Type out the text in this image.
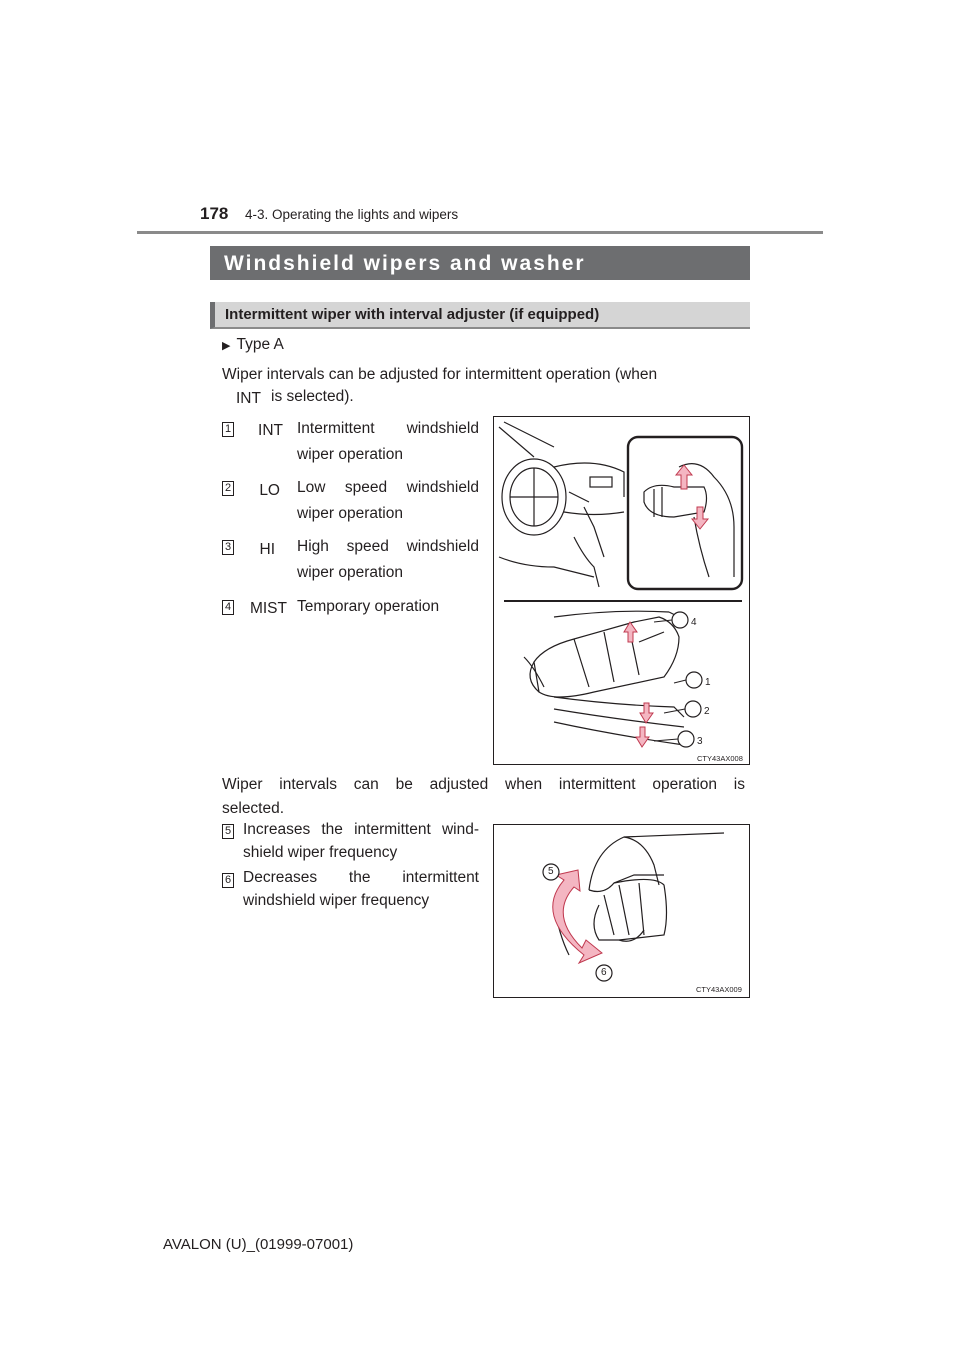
178 4-3. Operating the lights and wipers
Windshield wipers and washer
Intermittent wiper with interval adjuster (if equipped)
▶ Type A
Wiper intervals can be adjusted for intermittent operation (when
INT is selected).
1	INT Intermittent windshield
wiper operation
2	LO Low speed windshield
wiper operation
3	HI High speed windshield
wiper operation
4	MIST Temporary operation
4
1
2
3
CTY43AX008
Wiper intervals can be adjusted when intermittent operation is
selected.
5 Increases the intermittent wind-
shield wiper frequency
6 Decreases the intermittent
windshield wiper frequency
5
6
CTY43AX009
AVALON (U)_(01999-07001)
